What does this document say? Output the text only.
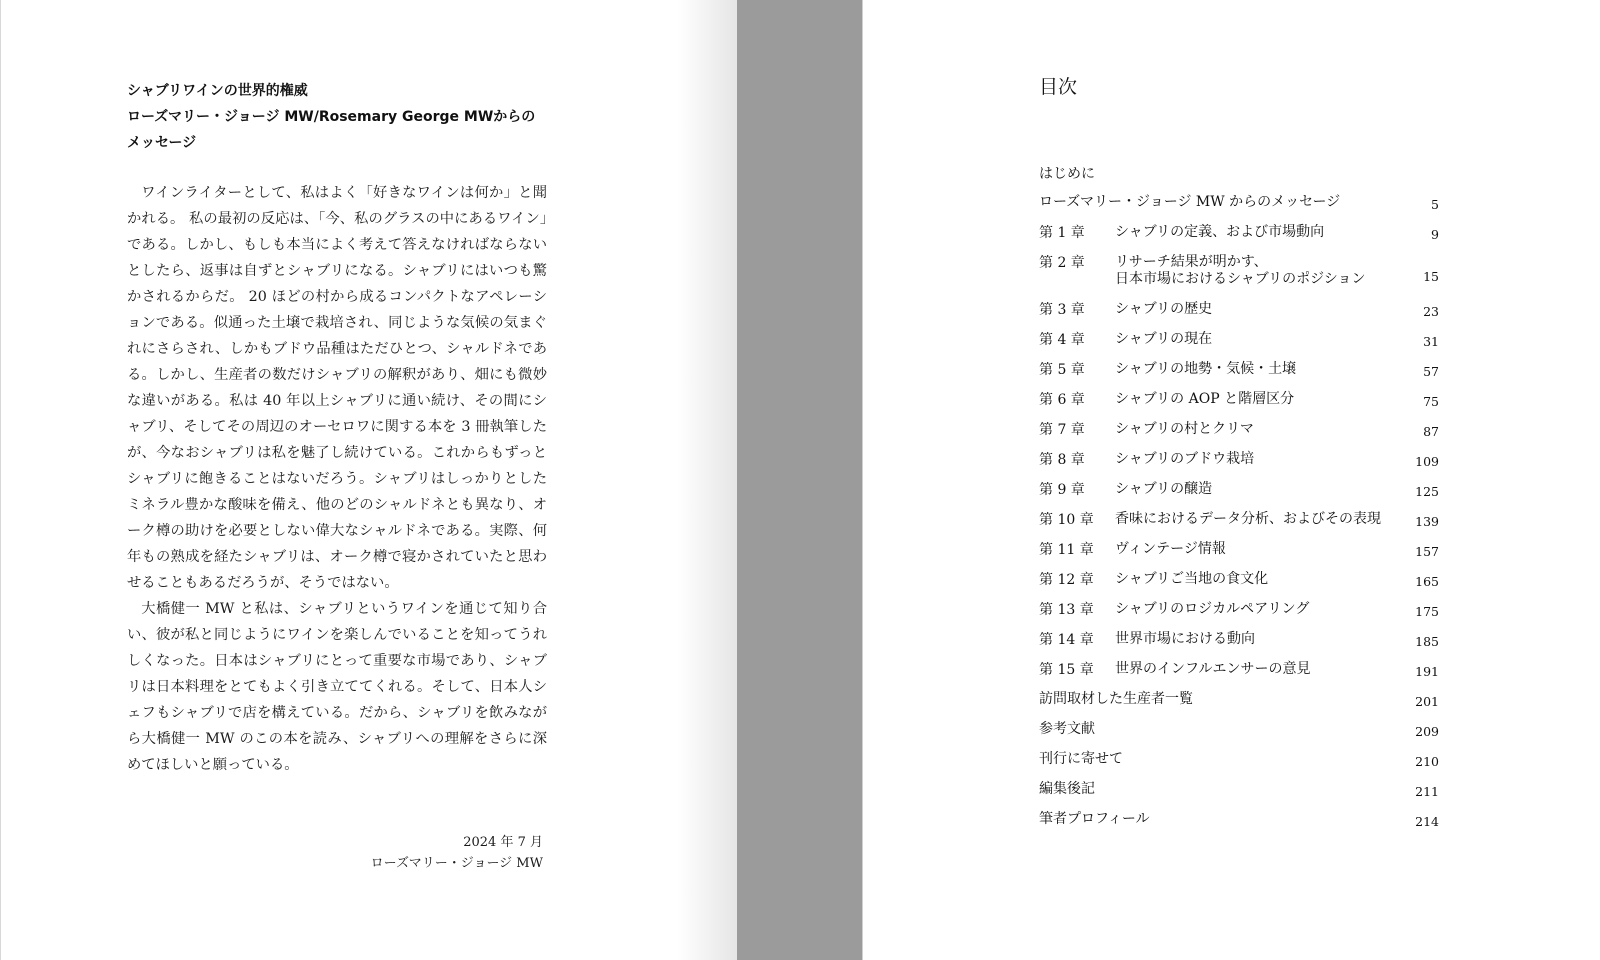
シャブリワインの世界的権威
ローズマリー・ジョージ MW/Rosemary George MWからの
メッセージ

ワインライターとして、私はよく「好きなワインは何か」と聞かれる。 私の最初の反応は、「今、私のグラスの中にあるワイン」である。しかし、もしも本当によく考えて答えなければならないとしたら、返事は自ずとシャブリになる。シャブリにはいつも驚かされるからだ。 20 ほどの村から成るコンパクトなアペレーションである。似通った土壌で栽培され、同じような気候の気まぐれにさらされ、しかもブドウ品種はただひとつ、シャルドネである。しかし、生産者の数だけシャブリの解釈があり、畑にも微妙な違いがある。私は 40 年以上シャブリに通い続け、その間にシャブリ、そしてその周辺のオーセロワに関する本を 3 冊執筆したが、今なおシャブリは私を魅了し続けている。これからもずっとシャブリに飽きることはないだろう。シャブリはしっかりとしたミネラル豊かな酸味を備え、他のどのシャルドネとも異なり、オーク樽の助けを必要としない偉大なシャルドネである。実際、何年もの熟成を経たシャブリは、オーク樽で寝かされていたと思わせることもあるだろうが、そうではない。

大橋健一 MW と私は、シャブリというワインを通じて知り合い、彼が私と同じようにワインを楽しんでいることを知ってうれしくなった。日本はシャブリにとって重要な市場であり、シャブリは日本料理をとてもよく引き立ててくれる。そして、日本人シェフもシャブリで店を構えている。だから、シャブリを飲みながら大橋健一 MW のこの本を読み、シャブリへの理解をさらに深めてほしいと願っている。

2024 年 7 月
ローズマリー・ジョージ MW
目次
はじめに
ローズマリー・ジョージ MW からのメッセージ	5
第 1 章	シャブリの定義、および市場動向	9
第 2 章	リサーチ結果が明かす、
日本市場におけるシャブリのポジション	15
第 3 章	シャブリの歴史	23
第 4 章	シャブリの現在	31
第 5 章	シャブリの地勢・気候・土壌	57
第 6 章	シャブリの AOP と階層区分	75
第 7 章	シャブリの村とクリマ	87
第 8 章	シャブリのブドウ栽培	109
第 9 章	シャブリの醸造	125
第 10 章	香味におけるデータ分析、およびその表現	139
第 11 章	ヴィンテージ情報	157
第 12 章	シャブリご当地の食文化	165
第 13 章	シャブリのロジカルペアリング	175
第 14 章	世界市場における動向	185
第 15 章	世界のインフルエンサーの意見	191
訪問取材した生産者一覧	201
参考文献	209
刊行に寄せて	210
編集後記	211
筆者プロフィール	214
